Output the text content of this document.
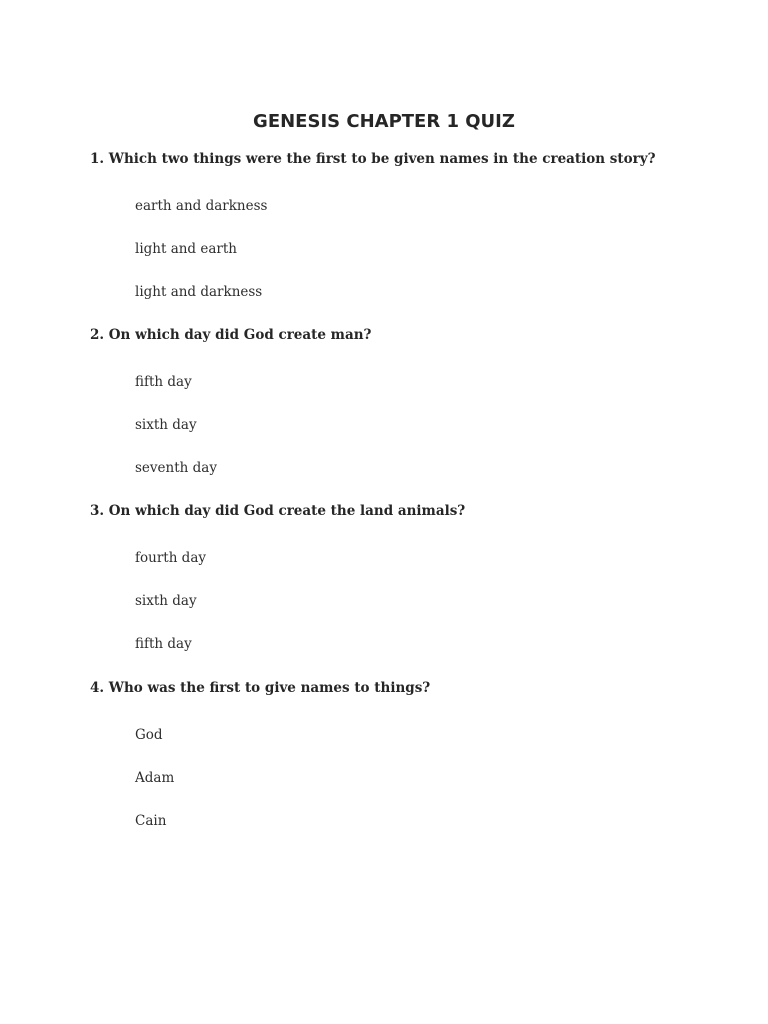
GENESIS CHAPTER 1 QUIZ

1. Which two things were the first to be given names in the creation story?

earth and darkness

light and earth

light and darkness

2. On which day did God create man?

fifth day

sixth day

seventh day

3. On which day did God create the land animals?

fourth day

sixth day

fifth day

4. Who was the first to give names to things?

God

Adam

Cain
